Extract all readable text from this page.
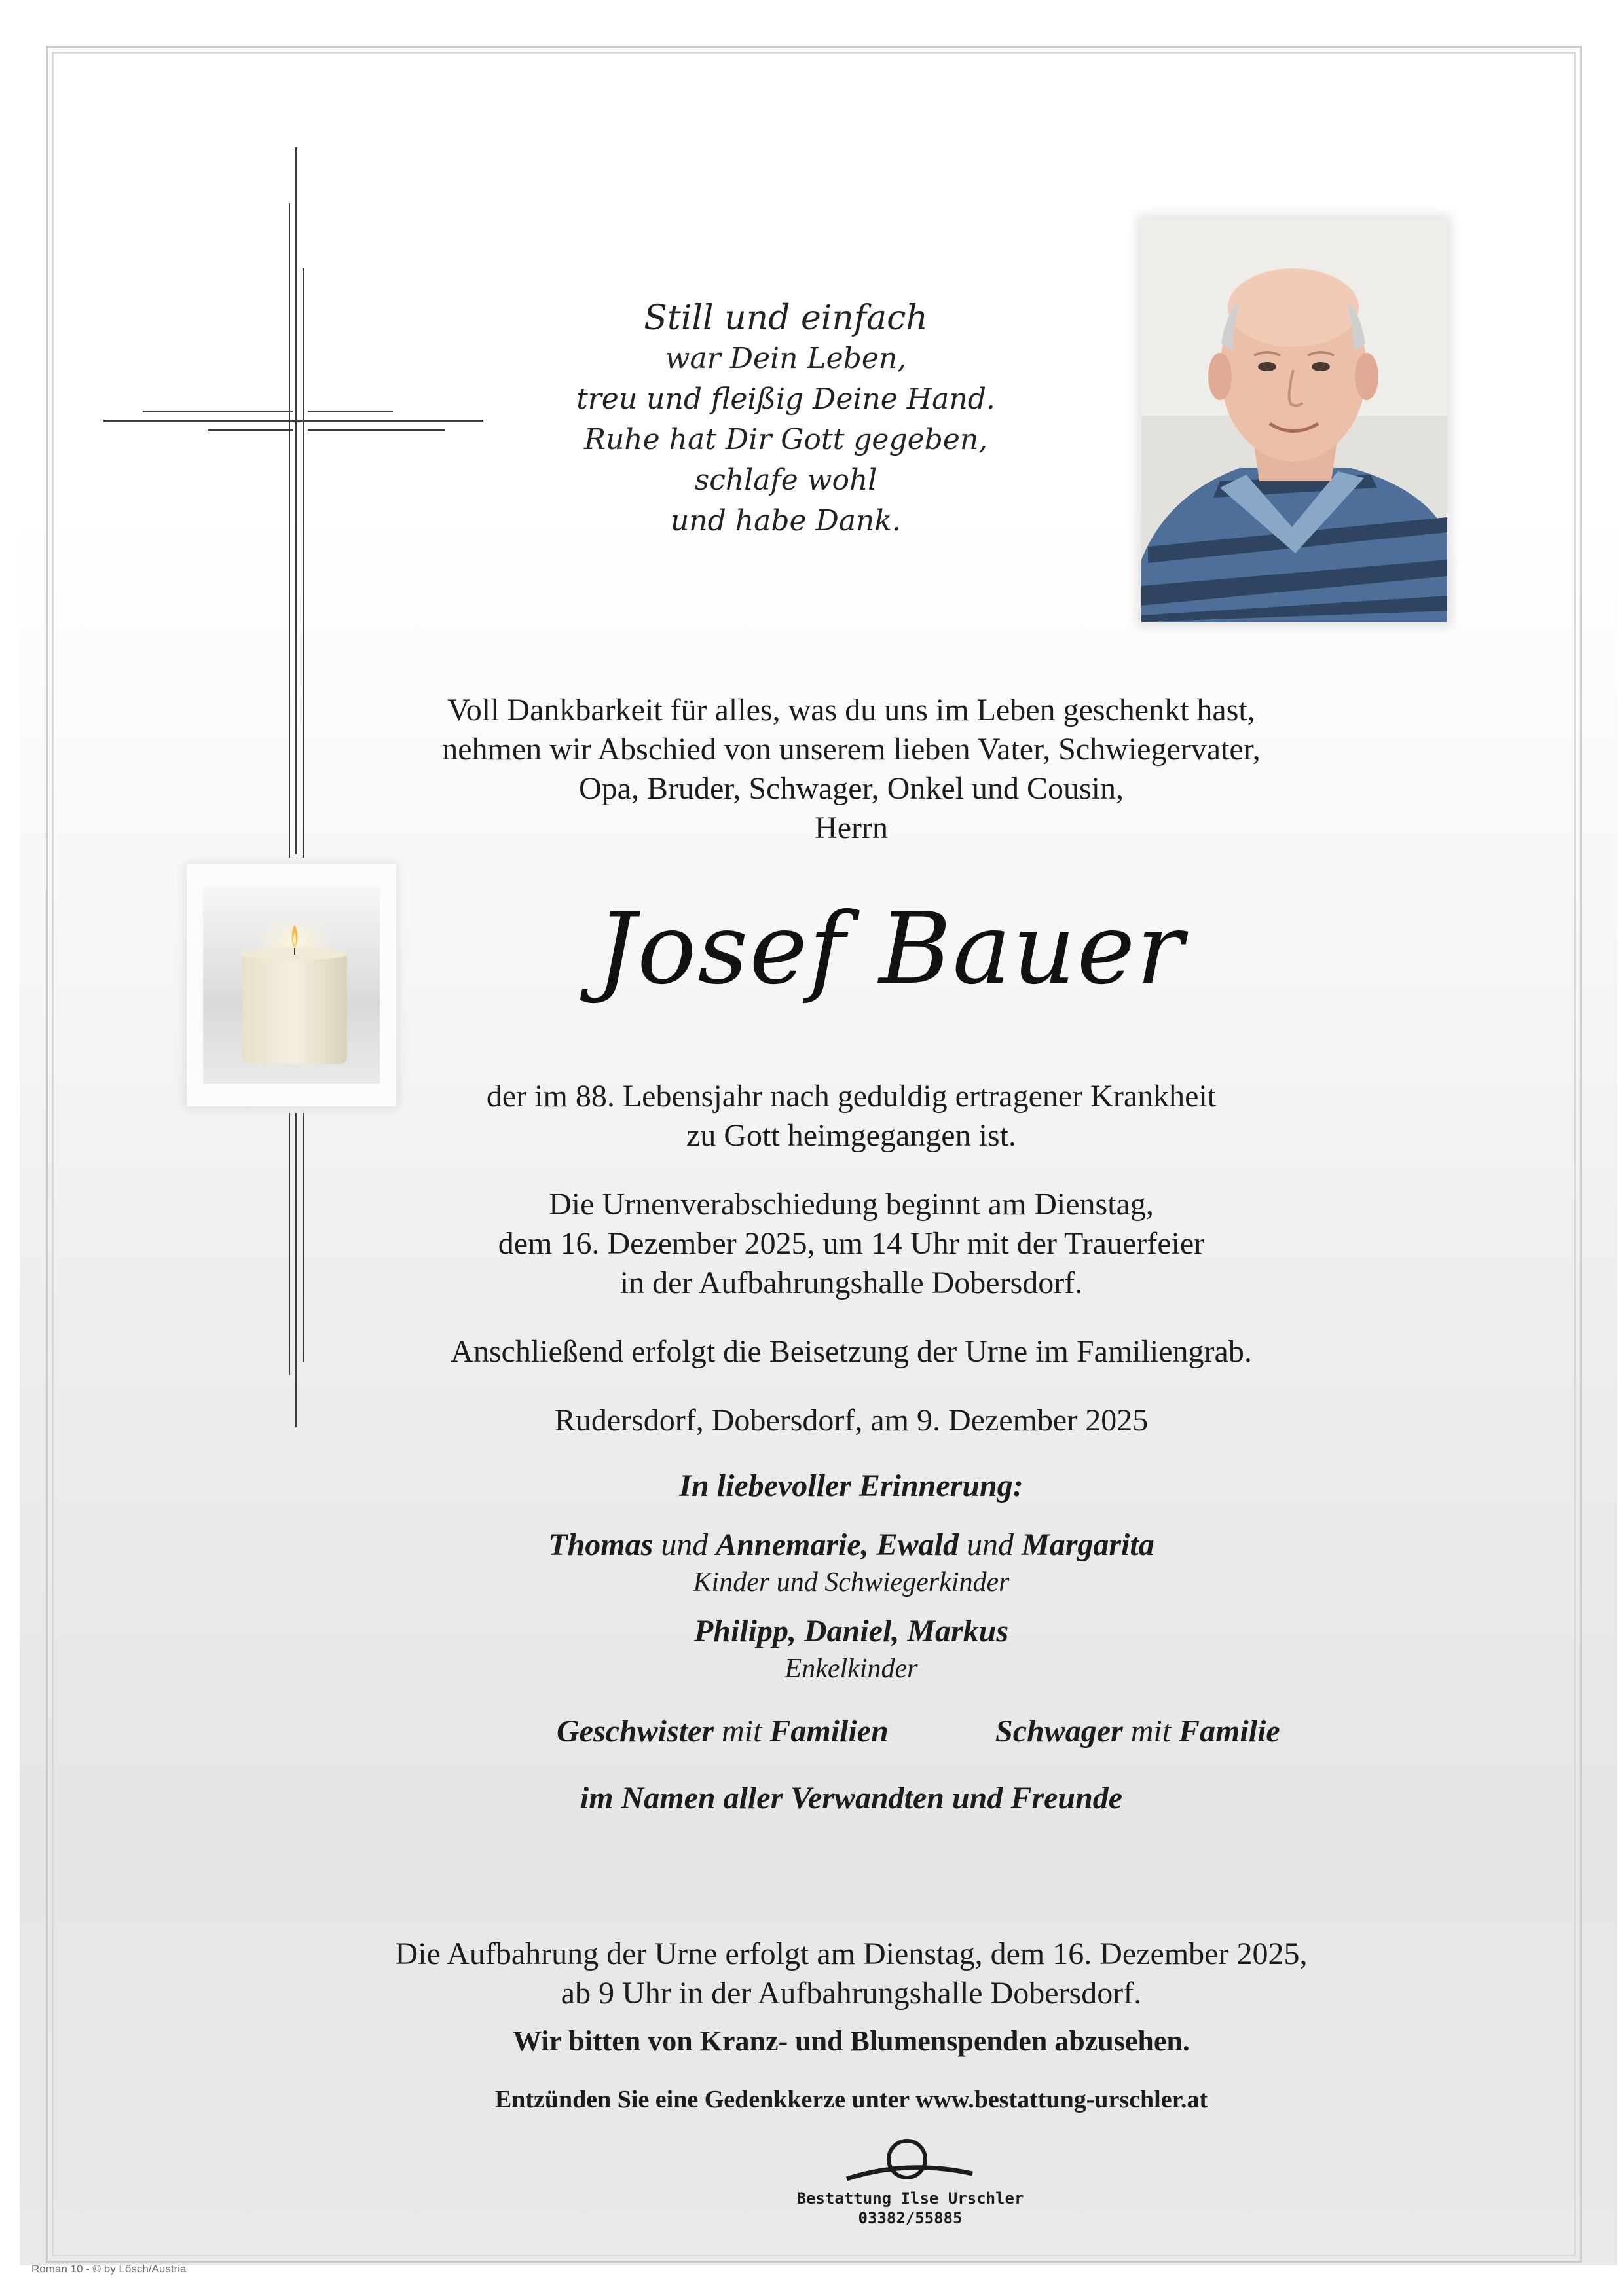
Still und einfach
war Dein Leben,
treu und fleißig Deine Hand.
Ruhe hat Dir Gott gegeben,
schlafe wohl
und habe Dank.
Voll Dankbarkeit für alles, was du uns im Leben geschenkt hast,
nehmen wir Abschied von unserem lieben Vater, Schwiegervater,
Opa, Bruder, Schwager, Onkel und Cousin,
Herrn
Josef Bauer
der im 88. Lebensjahr nach geduldig ertragener Krankheit
zu Gott heimgegangen ist.
Die Urnenverabschiedung beginnt am Dienstag,
dem 16. Dezember 2025, um 14 Uhr mit der Trauerfeier
in der Aufbahrungshalle Dobersdorf.
Anschließend erfolgt die Beisetzung der Urne im Familiengrab.
Rudersdorf, Dobersdorf, am 9. Dezember 2025
In liebevoller Erinnerung:
Thomas und Annemarie, Ewald und Margarita
Kinder und Schwiegerkinder
Philipp, Daniel, Markus
Enkelkinder
Geschwister mit Familien	Schwager mit Familie
im Namen aller Verwandten und Freunde
Die Aufbahrung der Urne erfolgt am Dienstag, dem 16. Dezember 2025,
ab 9 Uhr in der Aufbahrungshalle Dobersdorf.
Wir bitten von Kranz- und Blumenspenden abzusehen.
Entzünden Sie eine Gedenkkerze unter www.bestattung-urschler.at
Bestattung Ilse Urschler
03382/55885
Roman 10 - © by Lösch/Austria
